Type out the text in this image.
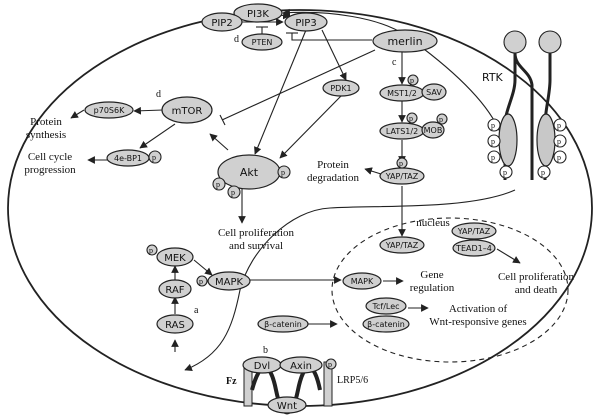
RTK
p
p
p
p
p
p
p
p
PI3K
PIP2	PIP3
PTEN
d	merlin
c
mTOR
d
PDK1
Akt
p
p
p
p70S6K
4e-BP1 p
Protein
synthesis
Cell cycle
progression
MST1/2 SAV
p
LATS1/2 MOB
p	p
YAP/TAZ
p
Protein
degradation
Cell proliferation
and survival
nucleus
YAP/TAZ
YAP/TAZ
TEAD1–4
Cell proliferation
and death
MAPK
Gene
regulation
Tcf/Lec
β-catenin
Activation of
Wnt-responsive genes
β-catenin
MEK
p
MAPK
p
RAF
a
RAS
Dvl Axin p
Wnt
b
Fz	LRP5/6
